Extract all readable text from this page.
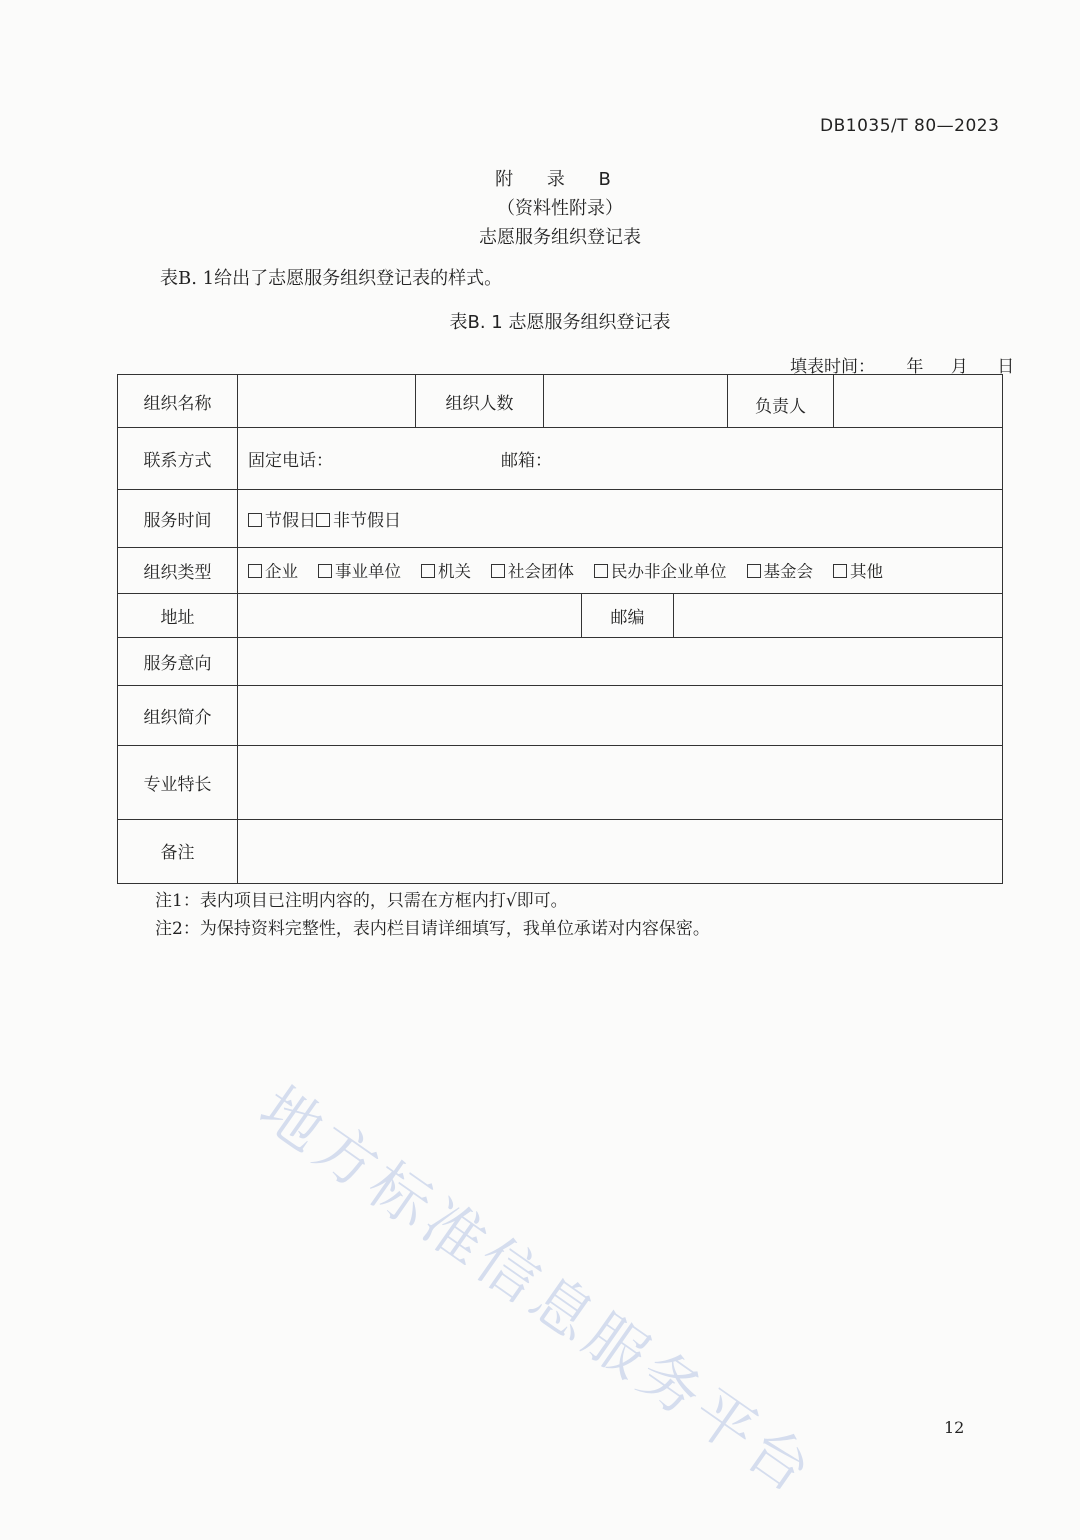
DB1035/T 80—2023
附 录 B
（资料性附录）
志愿服务组织登记表
表B. 1给出了志愿服务组织登记表的样式。
表B. 1 志愿服务组织登记表
填表时间： 年 月 日
组织名称	组织人数	负责人
联系方式	固定电话：	邮箱：
服务时间	节假日	非节假日
组织类型	企业	事业单位	机关	社会团体	民办非企业单位	基金会	其他
地址	邮编
服务意向
组织简介
专业特长
备注
注1：表内项目已注明内容的，只需在方框内打√即可。
注2：为保持资料完整性，表内栏目请详细填写，我单位承诺对内容保密。
地方标准信息服务平台	12
